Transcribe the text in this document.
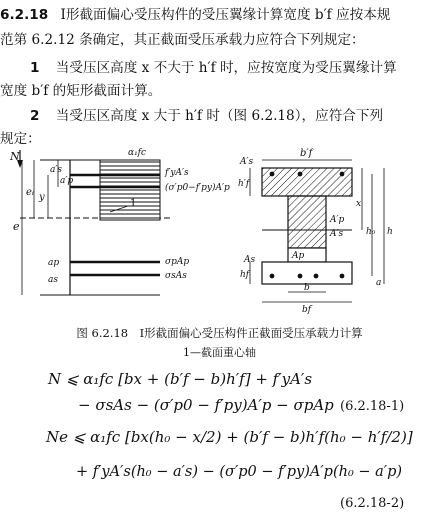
6.2.18 I形截面偏心受压构件的受压翼缘计算宽度 b′f 应按本规
范第 6.2.12 条确定，其正截面受压承载力应符合下列规定：
1 当受压区高度 x 不大于 h′f 时，应按宽度为受压翼缘计算
宽度 b′f 的矩形截面计算。
2 当受压区高度 x 大于 h′f 时（图 6.2.18），应符合下列
规定：
N
e
eᵢ y
a′s
a′p
α₁fc
f′yA′s
(σ′p0−f′py)A′p
σpAp
σsAs
ap
as
1
b′f
A′s
h′f
A′p
A′s
x
h₀ h
a
As	Ap
hf
b
bf
图 6.2.18　I形截面偏心受压构件正截面受压承载力计算
1—截面重心轴
N ⩽ α₁fc [bx + (b′f − b)h′f] + f′yA′s
− σsAs − (σ′p0 − f′py)A′p − σpAp (6.2.18-1)
Ne ⩽ α₁fc [bx(h₀ − x/2) + (b′f − b)h′f(h₀ − h′f/2)]
+ f′yA′s(h₀ − a′s) − (σ′p0 − f′py)A′p(h₀ − a′p)
(6.2.18-2)
